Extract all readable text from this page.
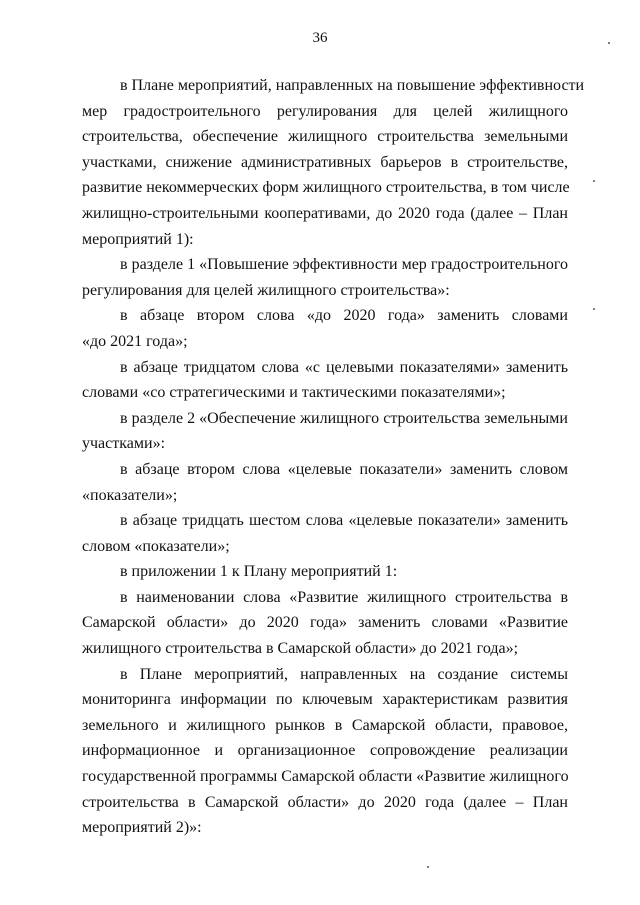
36
в Плане мероприятий, направленных на повышение эффективности
мер градостроительного регулирования для целей жилищного
строительства, обеспечение жилищного строительства земельными
участками, снижение административных барьеров в строительстве,
развитие некоммерческих форм жилищного строительства, в том числе
жилищно-строительными кооперативами, до 2020 года (далее – План
мероприятий 1):
в разделе 1 «Повышение эффективности мер градостроительного
регулирования для целей жилищного строительства»:
в абзаце втором слова «до 2020 года» заменить словами
«до 2021 года»;
в абзаце тридцатом слова «с целевыми показателями» заменить
словами «со стратегическими и тактическими показателями»;
в разделе 2 «Обеспечение жилищного строительства земельными
участками»:
в абзаце втором слова «целевые показатели» заменить словом
«показатели»;
в абзаце тридцать шестом слова «целевые показатели» заменить
словом «показатели»;
в приложении 1 к Плану мероприятий 1:
в наименовании слова «Развитие жилищного строительства в
Самарской области» до 2020 года» заменить словами «Развитие
жилищного строительства в Самарской области» до 2021 года»;
в Плане мероприятий, направленных на создание системы
мониторинга информации по ключевым характеристикам развития
земельного и жилищного рынков в Самарской области, правовое,
информационное и организационное сопровождение реализации
государственной программы Самарской области «Развитие жилищного
строительства в Самарской области» до 2020 года (далее – План
мероприятий 2)»:
